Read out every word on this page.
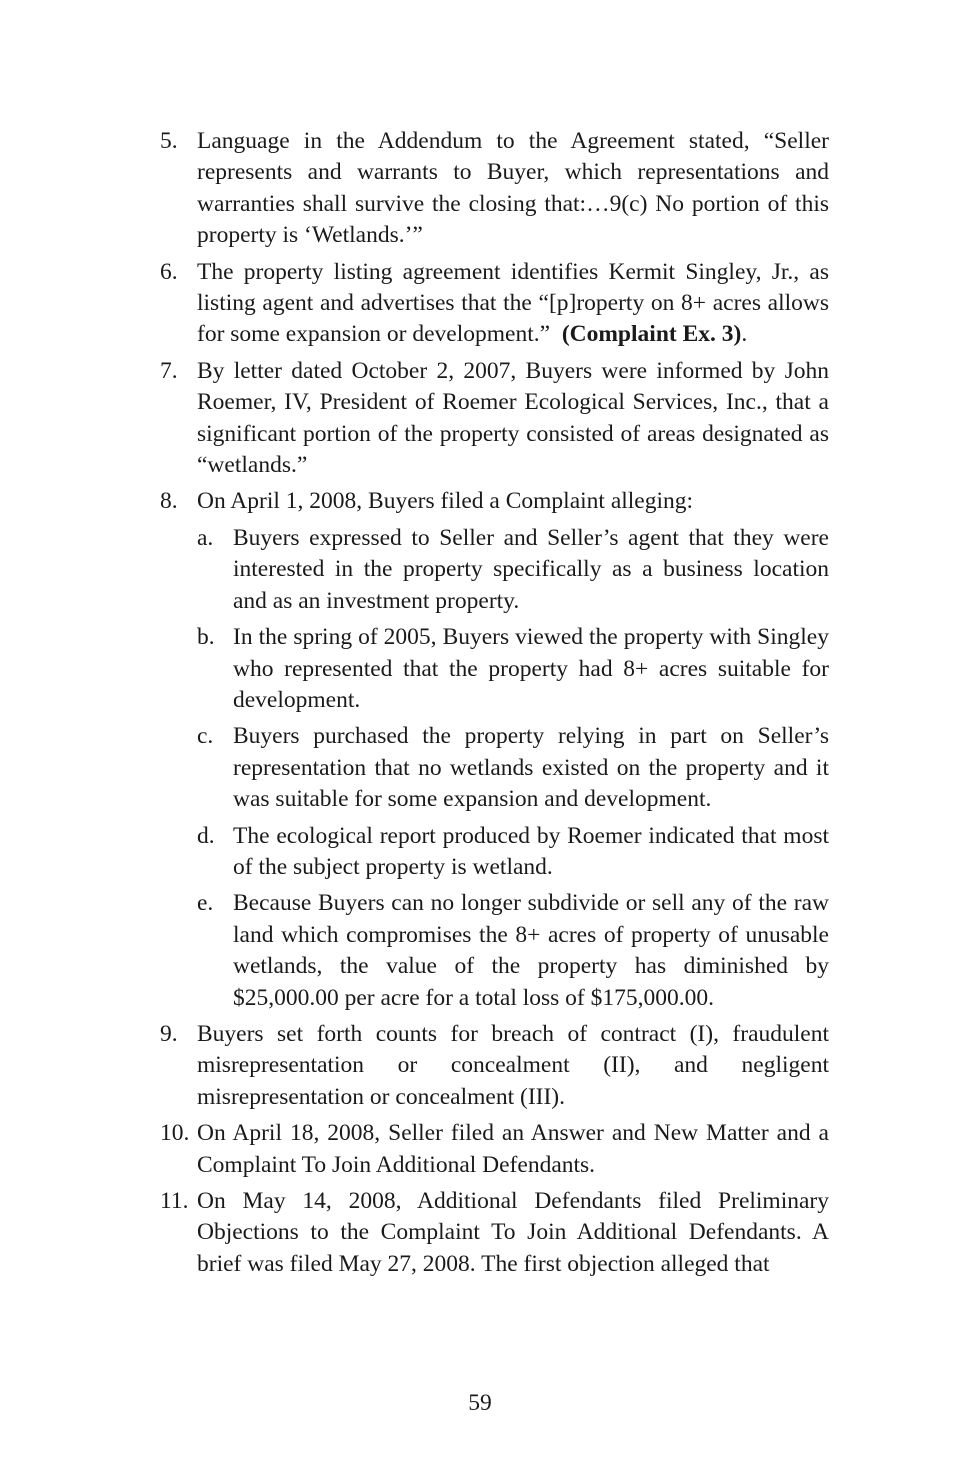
5. Language in the Addendum to the Agreement stated, “Seller represents and warrants to Buyer, which representations and warranties shall survive the closing that:…9(c) No portion of this property is ‘Wetlands.’”
6. The property listing agreement identifies Kermit Singley, Jr., as listing agent and advertises that the “[p]roperty on 8+ acres allows for some expansion or development.” (Complaint Ex. 3).
7. By letter dated October 2, 2007, Buyers were informed by John Roemer, IV, President of Roemer Ecological Services, Inc., that a significant portion of the property consisted of areas designated as “wetlands.”
8. On April 1, 2008, Buyers filed a Complaint alleging:
a. Buyers expressed to Seller and Seller’s agent that they were interested in the property specifically as a business location and as an investment property.
b. In the spring of 2005, Buyers viewed the property with Singley who represented that the property had 8+ acres suitable for development.
c. Buyers purchased the property relying in part on Seller’s representation that no wetlands existed on the property and it was suitable for some expansion and development.
d. The ecological report produced by Roemer indicated that most of the subject property is wetland.
e. Because Buyers can no longer subdivide or sell any of the raw land which compromises the 8+ acres of property of unusable wetlands, the value of the property has diminished by $25,000.00 per acre for a total loss of $175,000.00.
9. Buyers set forth counts for breach of contract (I), fraudulent misrepresentation or concealment (II), and negligent misrepresentation or concealment (III).
10. On April 18, 2008, Seller filed an Answer and New Matter and a Complaint To Join Additional Defendants.
11. On May 14, 2008, Additional Defendants filed Preliminary Objections to the Complaint To Join Additional Defendants. A brief was filed May 27, 2008. The first objection alleged that
59
